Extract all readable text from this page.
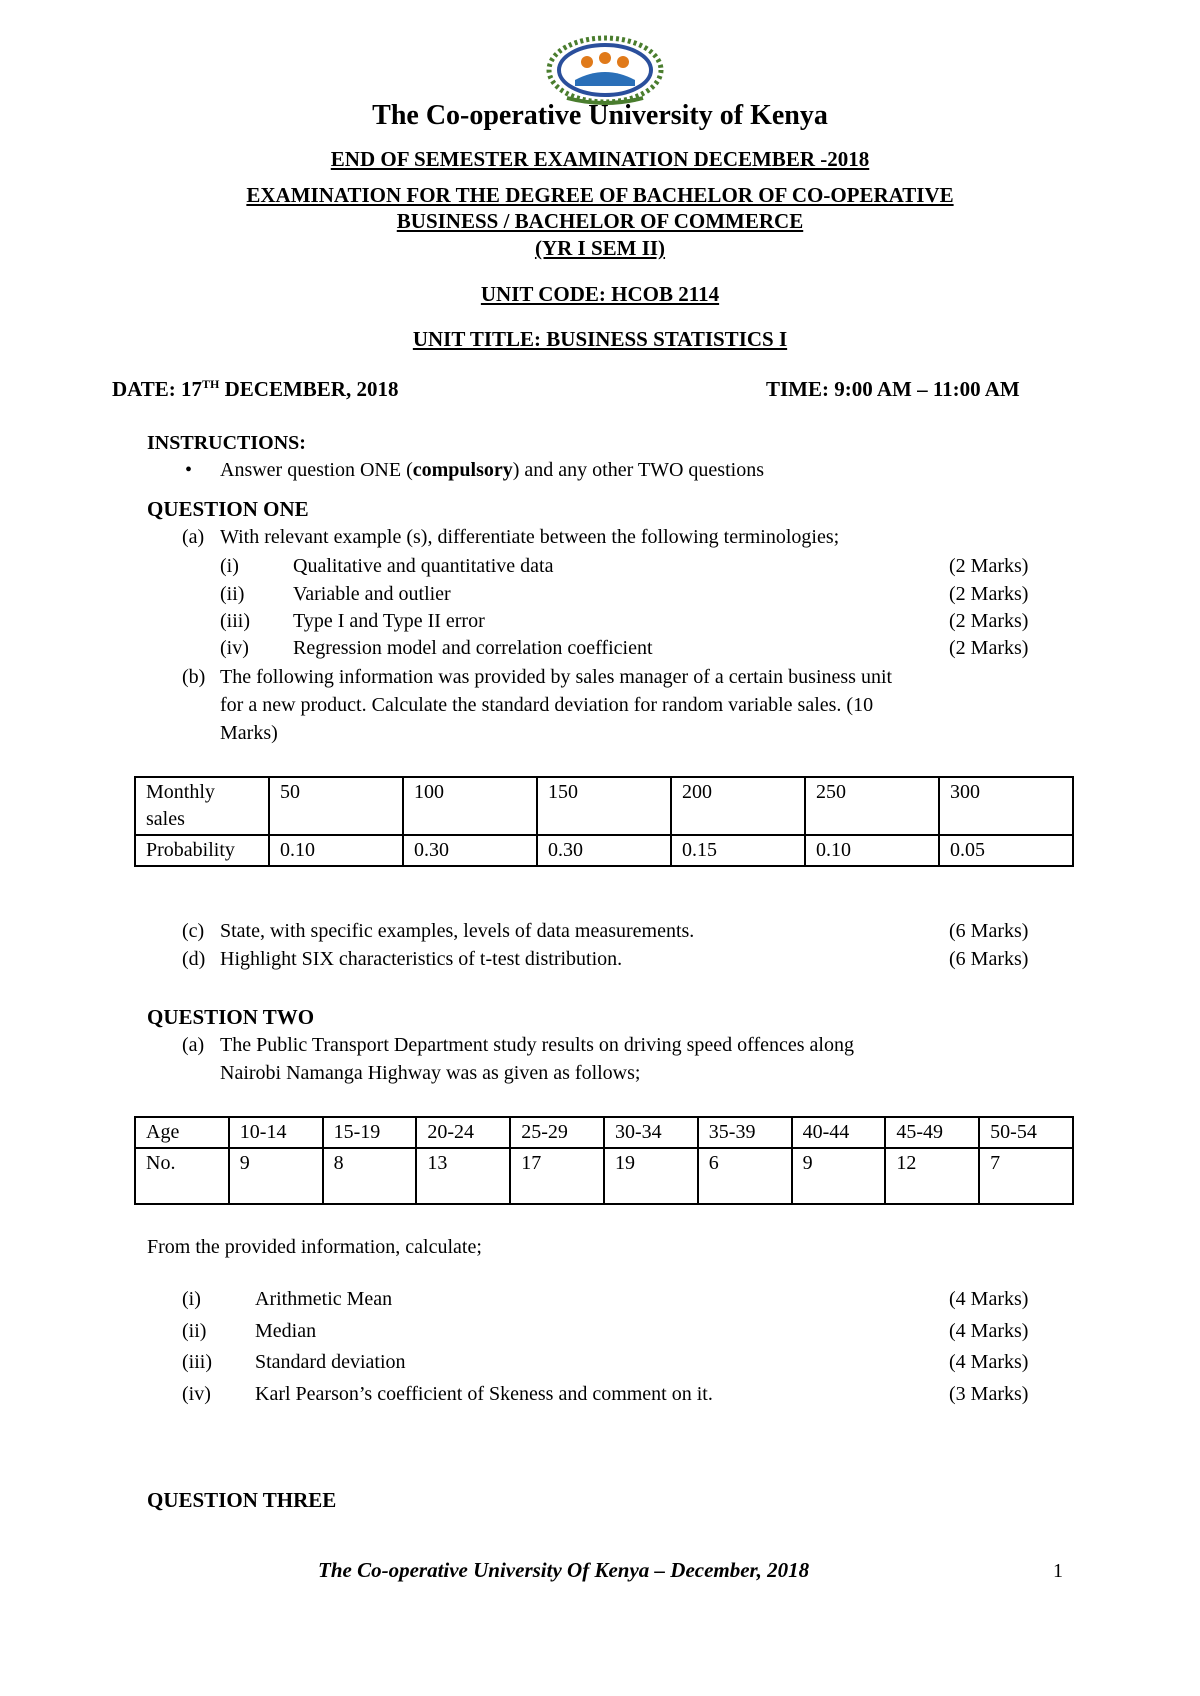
The Co-operative University of Kenya
END OF SEMESTER EXAMINATION DECEMBER -2018
EXAMINATION FOR THE DEGREE OF BACHELOR OF CO-OPERATIVE
BUSINESS / BACHELOR OF COMMERCE
(YR I SEM II)
UNIT CODE: HCOB 2114
UNIT TITLE: BUSINESS STATISTICS I
DATE: 17TH DECEMBER, 2018	TIME: 9:00 AM – 11:00 AM
INSTRUCTIONS:
• Answer question ONE (compulsory) and any other TWO questions
QUESTION ONE
(a) With relevant example (s), differentiate between the following terminologies;
(i)	Qualitative and quantitative data	(2 Marks)
(ii) Variable and outlier	(2 Marks)
(iii) Type I and Type II error	(2 Marks)
(iv) Regression model and correlation coefficient	(2 Marks)
(b) The following information was provided by sales manager of a certain business unit
for a new product. Calculate the standard deviation for random variable sales. (10
Marks)
Monthly
sales	50	100	150	200	250	300
Probability	0.10	0.30	0.30	0.15	0.10	0.05
(c) State, with specific examples, levels of data measurements.	(6 Marks)
(d) Highlight SIX characteristics of t-test distribution.	(6 Marks)
QUESTION TWO
(a) The Public Transport Department study results on driving speed offences along
Nairobi Namanga Highway was as given as follows;
Age	10-14	15-19	20-24	25-29	30-34	35-39	40-44	45-49	50-54
No.	9	8	13	17	19	6	9	12	7
From the provided information, calculate;
(i)	Arithmetic Mean	(4 Marks)
(ii) Median	(4 Marks)
(iii) Standard deviation	(4 Marks)
(iv) Karl Pearson’s coefficient of Skeness and comment on it.	(3 Marks)
QUESTION THREE
The Co-operative University Of Kenya – December, 2018	1
